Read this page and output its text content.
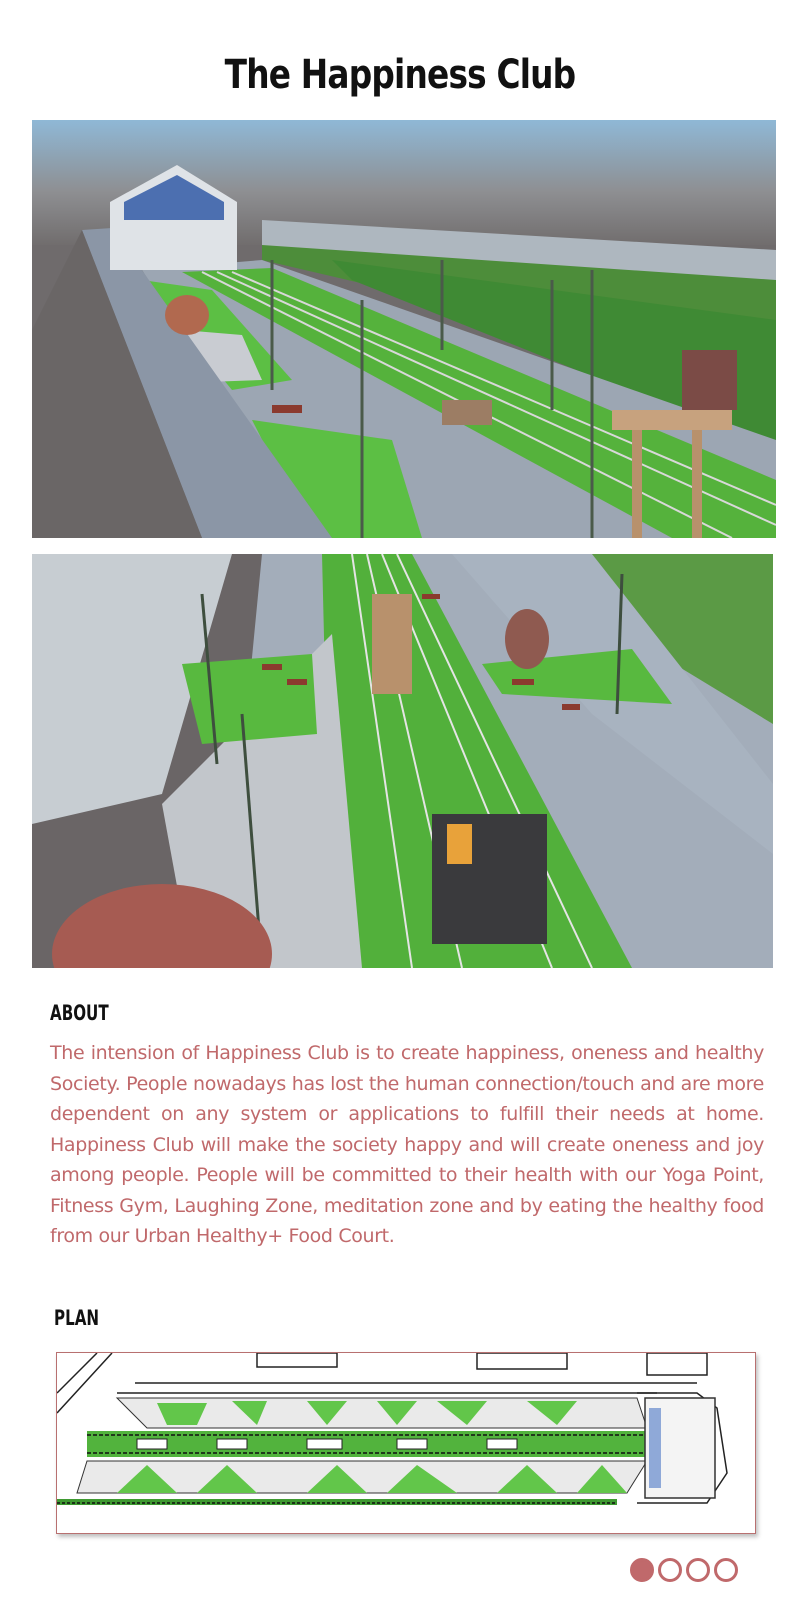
The Happiness Club
ABOUT

The intension of Happiness Club is to create happiness, oneness and healthy Society. People nowadays has lost the human connection/touch and are more dependent on any system or applications to fulfill their needs at home. Happiness Club will make the society happy and will create oneness and joy among people. People will be committed to their health with our Yoga Point, Fitness Gym, Laughing Zone, meditation zone and by eating the healthy food from our Urban Healthy+ Food Court.

PLAN
